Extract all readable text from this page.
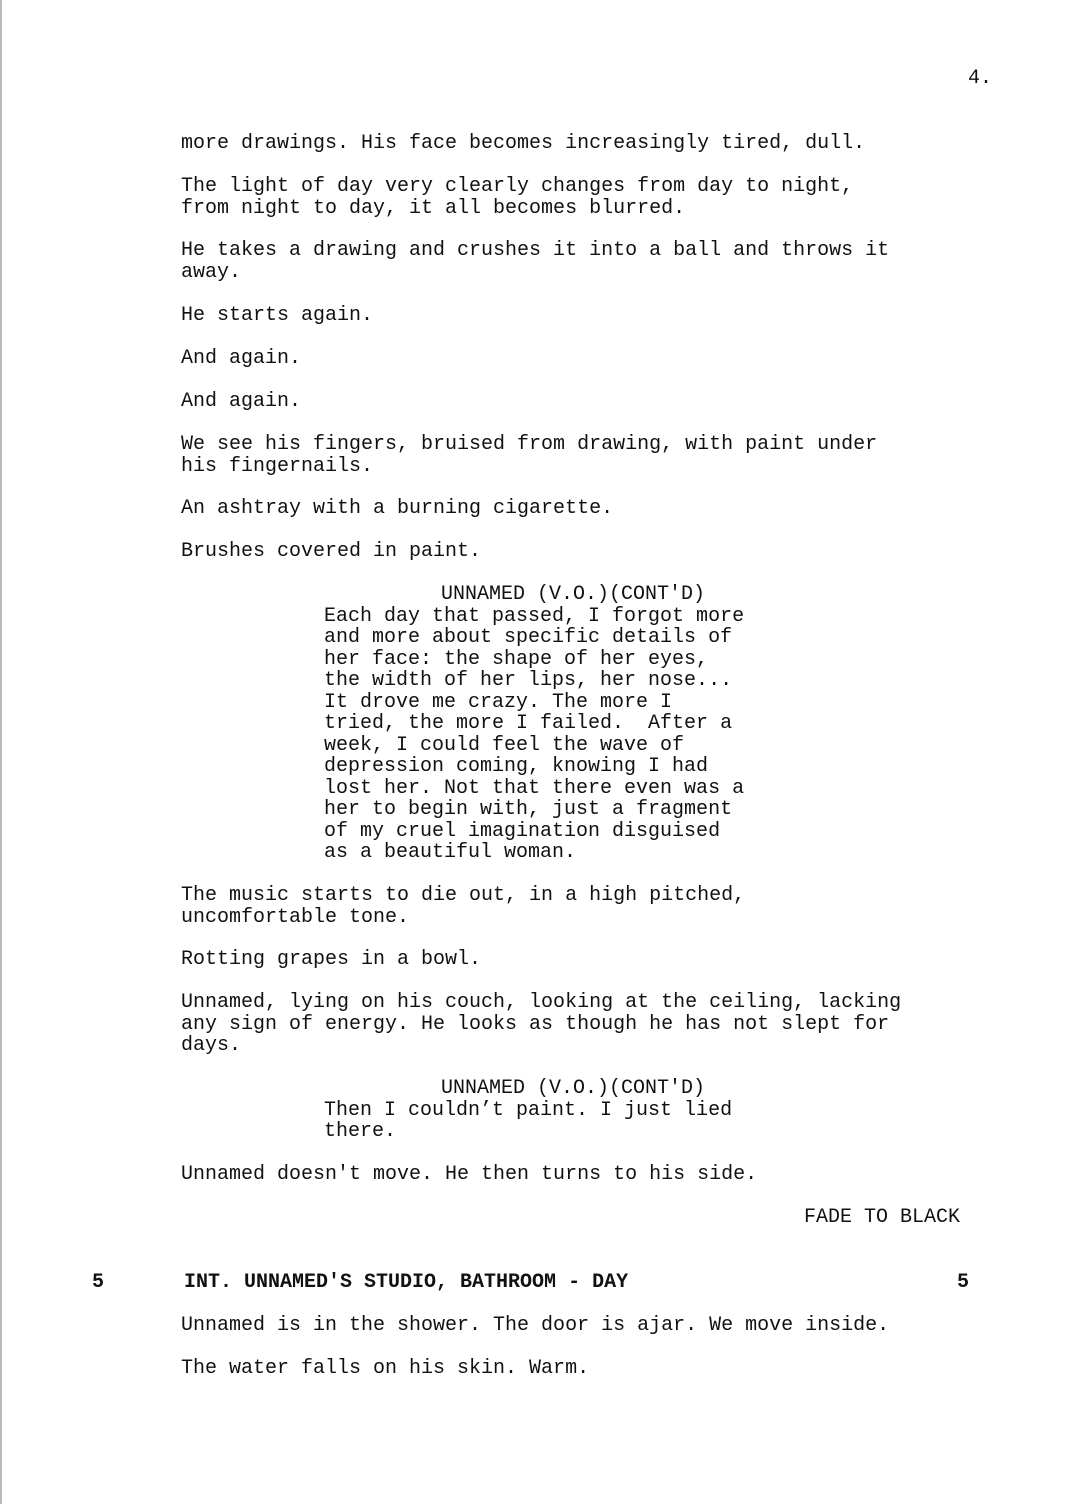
4.
more drawings. His face becomes increasingly tired, dull.
The light of day very clearly changes from day to night,
from night to day, it all becomes blurred.
He takes a drawing and crushes it into a ball and throws it
away.
He starts again.
And again.
And again.
We see his fingers, bruised from drawing, with paint under
his fingernails.
An ashtray with a burning cigarette.
Brushes covered in paint.
UNNAMED (V.O.)(CONT'D)
Each day that passed, I forgot more
and more about specific details of
her face: the shape of her eyes,
the width of her lips, her nose...
It drove me crazy. The more I
tried, the more I failed.  After a
week, I could feel the wave of
depression coming, knowing I had
lost her. Not that there even was a
her to begin with, just a fragment
of my cruel imagination disguised
as a beautiful woman.
The music starts to die out, in a high pitched,
uncomfortable tone.
Rotting grapes in a bowl.
Unnamed, lying on his couch, looking at the ceiling, lacking
any sign of energy. He looks as though he has not slept for
days.
UNNAMED (V.O.)(CONT'D)
Then I couldn’t paint. I just lied
there.
Unnamed doesn't move. He then turns to his side.
FADE TO BLACK
5	INT. UNNAMED'S STUDIO, BATHROOM - DAY	5
Unnamed is in the shower. The door is ajar. We move inside.
The water falls on his skin. Warm.
